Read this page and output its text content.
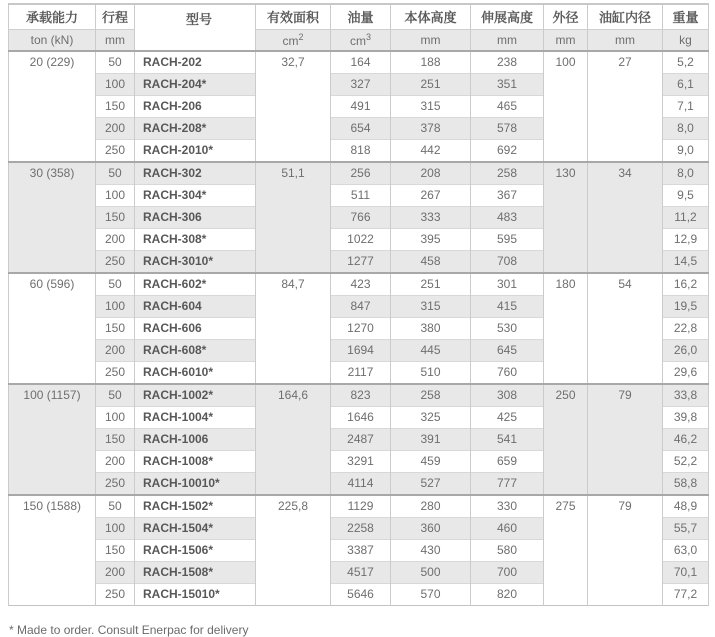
承载能力	行程	型号	有效面积	油量	本体高度	伸展高度	外径	油缸内径	重量
ton (kN)	mm		$cm^2$	$cm^3$	mm	mm	mm	mm	kg
20 (229)	50	RACH-202	32,7	164	188	238	100	27	5,2
	100	RACH-204*		327	251	351			6,1
	150	RACH-206		491	315	465			7,1
	200	RACH-208*		654	378	578			8,0
	250	RACH-2010*		818	442	692			9,0
30 (358)	50	RACH-302	51,1	256	208	258	130	34	8,0
	100	RACH-304*		511	267	367			9,5
	150	RACH-306		766	333	483			11,2
	200	RACH-308*		1022	395	595			12,9
	250	RACH-3010*		1277	458	708			14,5
60 (596)	50	RACH-602*	84,7	423	251	301	180	54	16,2
	100	RACH-604		847	315	415			19,5
	150	RACH-606		1270	380	530			22,8
	200	RACH-608*		1694	445	645			26,0
	250	RACH-6010*		2117	510	760			29,6
100 (1157)	50	RACH-1002*	164,6	823	258	308	250	79	33,8
	100	RACH-1004*		1646	325	425			39,8
	150	RACH-1006		2487	391	541			46,2
	200	RACH-1008*		3291	459	659			52,2
	250	RACH-10010*		4114	527	777			58,8
150 (1588)	50	RACH-1502*	225,8	1129	280	330	275	79	48,9
	100	RACH-1504*		2258	360	460			55,7
	150	RACH-1506*		3387	430	580			63,0
	200	RACH-1508*		4517	500	700			70,1
	250	RACH-15010*		5646	570	820			77,2

* Made to order. Consult Enerpac for delivery
